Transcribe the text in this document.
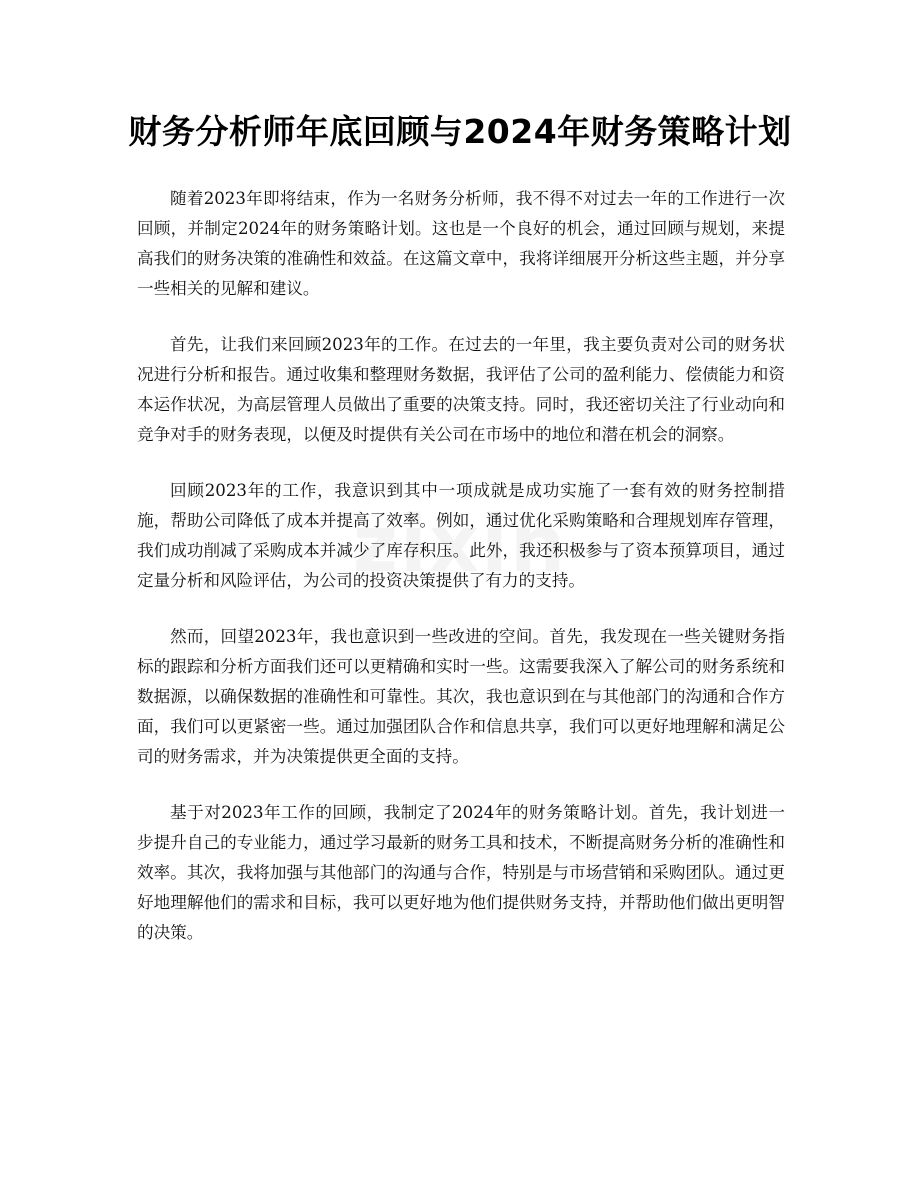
财务分析师年底回顾与2024年财务策略计划

随着2023年即将结束，作为一名财务分析师，我不得不对过去一年的工作进行一次回顾，并制定2024年的财务策略计划。这也是一个良好的机会，通过回顾与规划，来提高我们的财务决策的准确性和效益。在这篇文章中，我将详细展开分析这些主题，并分享一些相关的见解和建议。

首先，让我们来回顾2023年的工作。在过去的一年里，我主要负责对公司的财务状况进行分析和报告。通过收集和整理财务数据，我评估了公司的盈利能力、偿债能力和资本运作状况，为高层管理人员做出了重要的决策支持。同时，我还密切关注了行业动向和竞争对手的财务表现，以便及时提供有关公司在市场中的地位和潜在机会的洞察。

回顾2023年的工作，我意识到其中一项成就是成功实施了一套有效的财务控制措施，帮助公司降低了成本并提高了效率。例如，通过优化采购策略和合理规划库存管理，我们成功削减了采购成本并减少了库存积压。此外，我还积极参与了资本预算项目，通过定量分析和风险评估，为公司的投资决策提供了有力的支持。

然而，回望2023年，我也意识到一些改进的空间。首先，我发现在一些关键财务指标的跟踪和分析方面我们还可以更精确和实时一些。这需要我深入了解公司的财务系统和数据源，以确保数据的准确性和可靠性。其次，我也意识到在与其他部门的沟通和合作方面，我们可以更紧密一些。通过加强团队合作和信息共享，我们可以更好地理解和满足公司的财务需求，并为决策提供更全面的支持。

基于对2023年工作的回顾，我制定了2024年的财务策略计划。首先，我计划进一步提升自己的专业能力，通过学习最新的财务工具和技术，不断提高财务分析的准确性和效率。其次，我将加强与其他部门的沟通与合作，特别是与市场营销和采购团队。通过更好地理解他们的需求和目标，我可以更好地为他们提供财务支持，并帮助他们做出更明智的决策。
